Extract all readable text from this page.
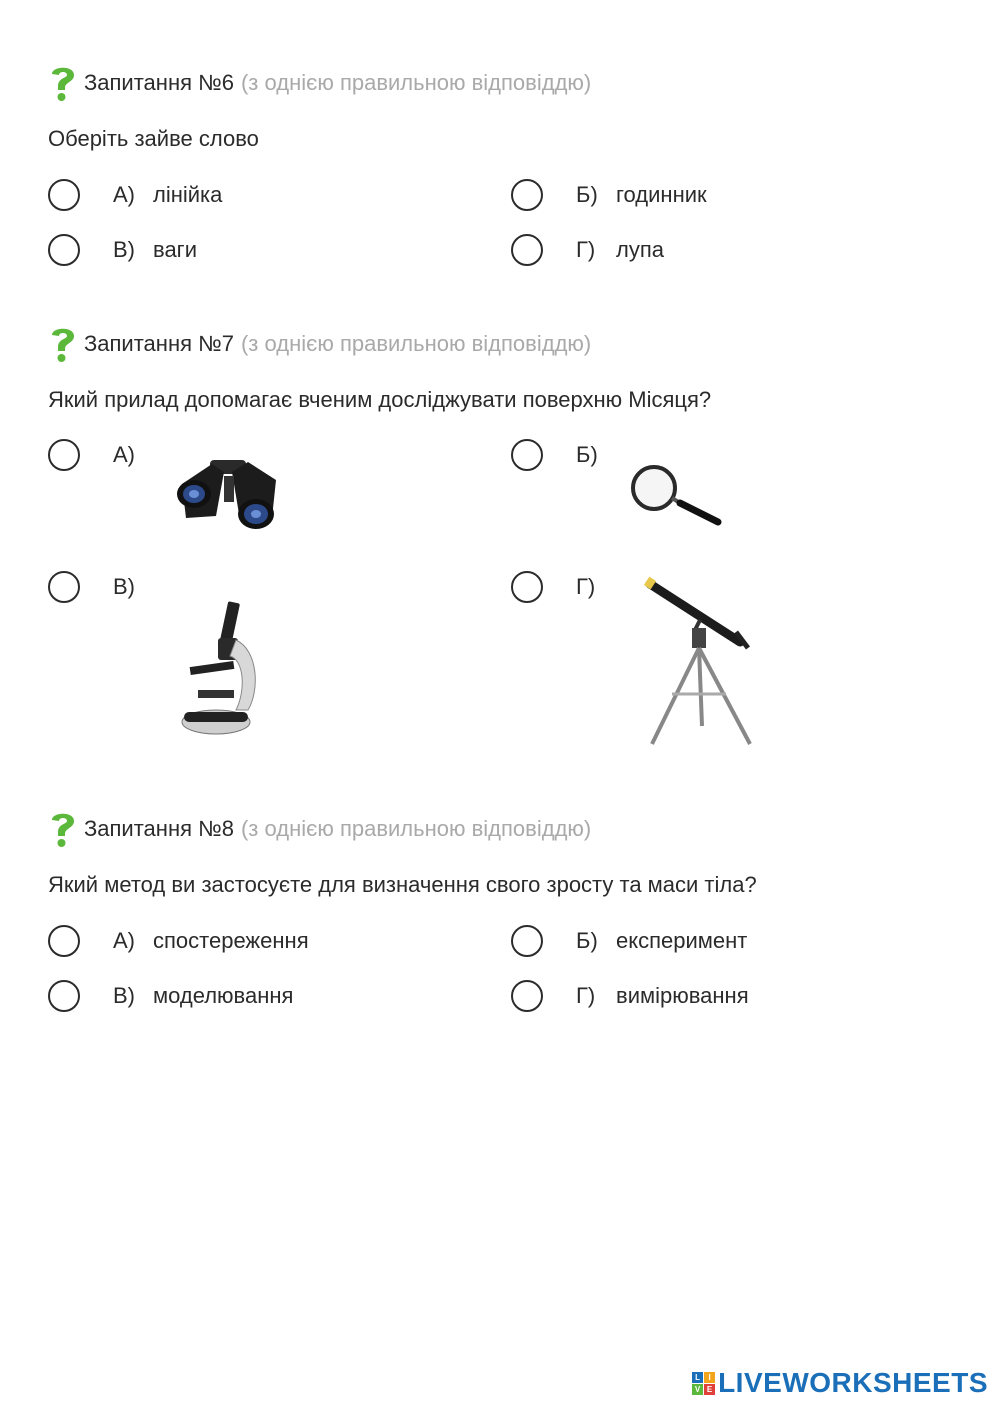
Запитання №6 (з однією правильною відповіддю)
Оберіть зайве слово
А) лінійка	Б) годинник
В) ваги	Г) лупа
Запитання №7 (з однією правильною відповіддю)
Який прилад допомагає вченим досліджувати поверхню Місяця?
А)	Б)
В)	Г)
Запитання №8 (з однією правильною відповіддю)
Який метод ви застосуєте для визначення свого зросту та маси тіла?
А) спостереження	Б) експеримент
В) моделювання	Г) вимірювання
L	I
V E LIVEWORKSHEETS
